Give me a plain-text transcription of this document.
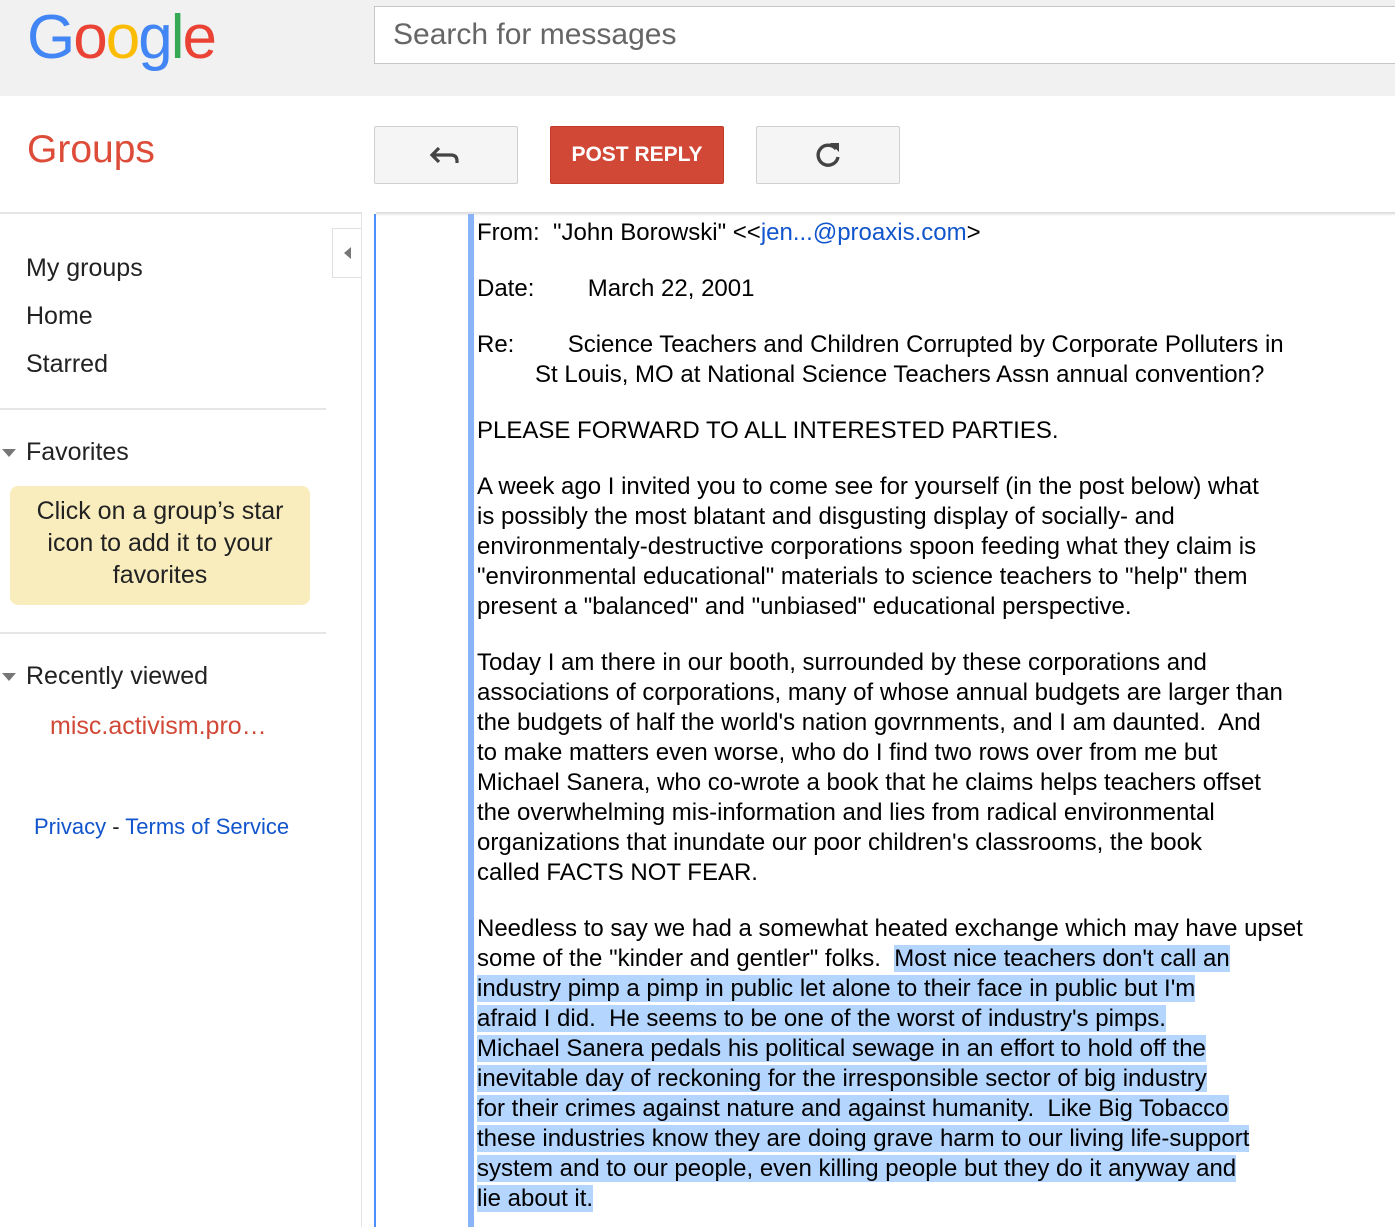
Google
Search for messages
Groups	POST REPLY
My groups
Home
Starred
Favorites
Click on a group’s star icon to add it to your favorites
Recently viewed
misc.activism.pro…
Privacy - Terms of Service

From:  "John Borowski" <<jen...@proaxis.com>

Date:        March 22, 2001

Re:        Science Teachers and Children Corrupted by Corporate Polluters in

St Louis, MO at National Science Teachers Assn annual convention?

PLEASE FORWARD TO ALL INTERESTED PARTIES.

A week ago I invited you to come see for yourself (in the post below) what

is possibly the most blatant and disgusting display of socially- and

environmentaly-destructive corporations spoon feeding what they claim is

"environmental educational" materials to science teachers to "help" them

present a "balanced" and "unbiased" educational perspective.

Today I am there in our booth, surrounded by these corporations and

associations of corporations, many of whose annual budgets are larger than

the budgets of half the world's nation govrnments, and I am daunted.  And

to make matters even worse, who do I find two rows over from me but

Michael Sanera, who co-wrote a book that he claims helps teachers offset

the overwhelming mis-information and lies from radical environmental

organizations that inundate our poor children's classrooms, the book

called FACTS NOT FEAR.

Needless to say we had a somewhat heated exchange which may have upset

some of the "kinder and gentler" folks.  Most nice teachers don't call an

industry pimp a pimp in public let alone to their face in public but I'm

afraid I did.  He seems to be one of the worst of industry's pimps.

Michael Sanera pedals his political sewage in an effort to hold off the

inevitable day of reckoning for the irresponsible sector of big industry

for their crimes against nature and against humanity.  Like Big Tobacco

these industries know they are doing grave harm to our living life-support

system and to our people, even killing people but they do it anyway and

lie about it.
